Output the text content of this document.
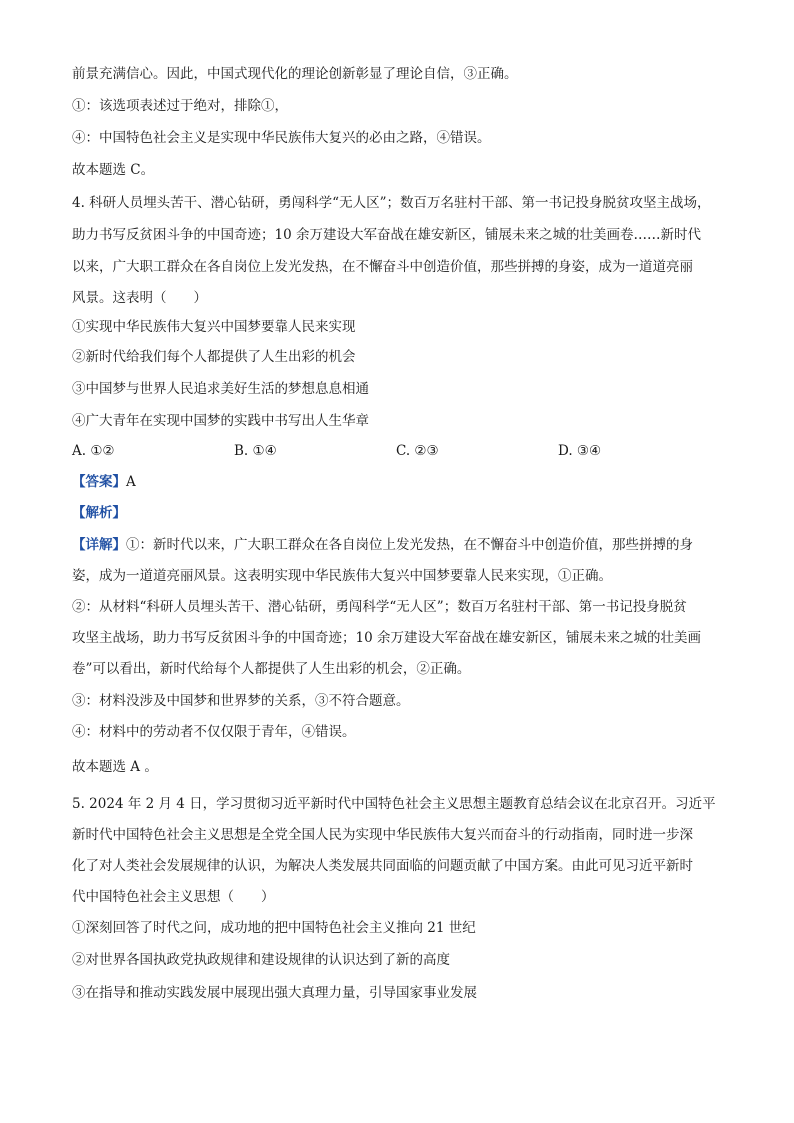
前景充满信心。因此，中国式现代化的理论创新彰显了理论自信，③正确。
①：该选项表述过于绝对，排除①，
④：中国特色社会主义是实现中华民族伟大复兴的必由之路，④错误。
故本题选 C。
4. 科研人员埋头苦干、潜心钻研，勇闯科学“无人区”；数百万名驻村干部、第一书记投身脱贫攻坚主战场，
助力书写反贫困斗争的中国奇迹；10 余万建设大军奋战在雄安新区，铺展未来之城的壮美画卷……新时代
以来，广大职工群众在各自岗位上发光发热，在不懈奋斗中创造价值，那些拼搏的身姿，成为一道道亮丽
风景。这表明（　　）
①实现中华民族伟大复兴中国梦要靠人民来实现
②新时代给我们每个人都提供了人生出彩的机会
③中国梦与世界人民追求美好生活的梦想息息相通
④广大青年在实现中国梦的实践中书写出人生华章
A. ①②	B. ①④	C. ②③	D. ③④
【答案】A
【解析】
【详解】①：新时代以来，广大职工群众在各自岗位上发光发热，在不懈奋斗中创造价值，那些拼搏的身
姿，成为一道道亮丽风景。这表明实现中华民族伟大复兴中国梦要靠人民来实现，①正确。
②：从材料“科研人员埋头苦干、潜心钻研，勇闯科学“无人区”；数百万名驻村干部、第一书记投身脱贫
攻坚主战场，助力书写反贫困斗争的中国奇迹；10 余万建设大军奋战在雄安新区，铺展未来之城的壮美画
卷”可以看出，新时代给每个人都提供了人生出彩的机会，②正确。
③：材料没涉及中国梦和世界梦的关系，③不符合题意。
④：材料中的劳动者不仅仅限于青年，④错误。
故本题选 A 。
5. 2024 年 2 月 4 日，学习贯彻习近平新时代中国特色社会主义思想主题教育总结会议在北京召开。习近平
新时代中国特色社会主义思想是全党全国人民为实现中华民族伟大复兴而奋斗的行动指南，同时进一步深
化了对人类社会发展规律的认识，为解决人类发展共同面临的问题贡献了中国方案。由此可见习近平新时
代中国特色社会主义思想（　　）
①深刻回答了时代之问，成功地的把中国特色社会主义推向 21 世纪
②对世界各国执政党执政规律和建设规律的认识达到了新的高度
③在指导和推动实践发展中展现出强大真理力量，引导国家事业发展
